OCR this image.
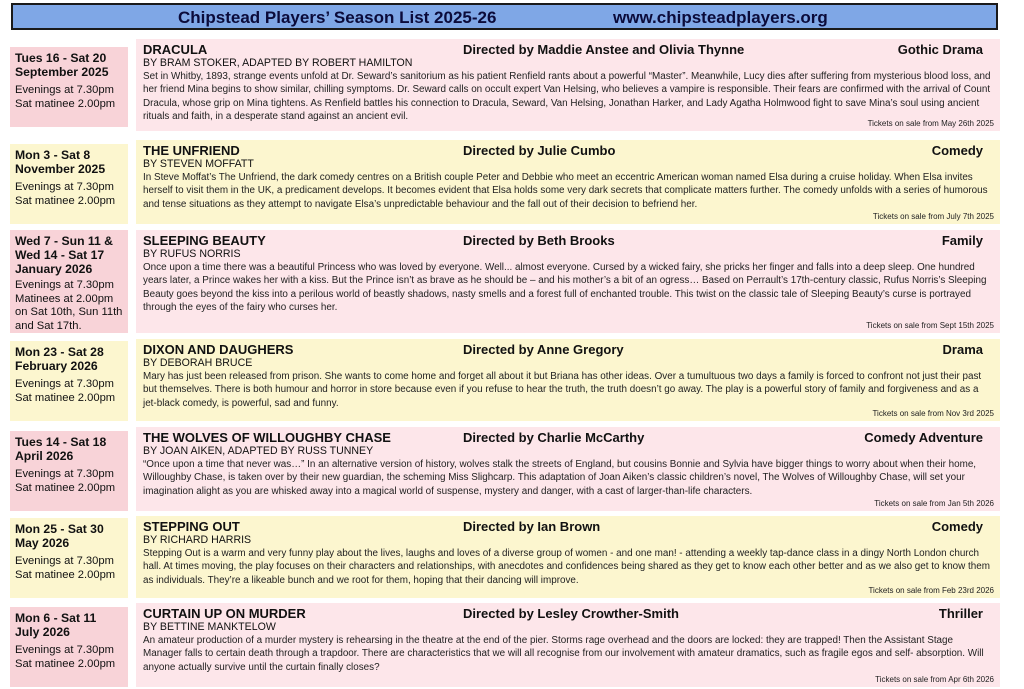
Chipstead Players’ Season List 2025-26	www.chipsteadplayers.org
Tues 16 - Sat 20 September 2025
Evenings at 7.30pm Sat matinee 2.00pm
DRACULA	Directed by Maddie Anstee and Olivia Thynne	Gothic Drama
BY BRAM STOKER, ADAPTED BY ROBERT HAMILTON
Set in Whitby, 1893, strange events unfold at Dr. Seward’s sanitorium as his patient Renfield rants about a powerful “Master”. Meanwhile, Lucy dies after suffering from mysterious blood loss, and her friend Mina begins to show similar, chilling symptoms. Dr. Seward calls on occult expert Van Helsing, who believes a vampire is responsible. Their fears are confirmed with the arrival of Count Dracula, whose grip on Mina tightens. As Renfield battles his connection to Dracula, Seward, Van Helsing, Jonathan Harker, and Lady Agatha Holmwood fight to save Mina’s soul using ancient rituals and faith, in a desperate stand against an ancient evil.
Tickets on sale from May 26th 2025
Mon 3 - Sat 8 November 2025
Evenings at 7.30pm Sat matinee 2.00pm
THE UNFRIEND	Directed by Julie Cumbo	Comedy
BY STEVEN MOFFATT
In Steve Moffat’s The Unfriend, the dark comedy centres on a British couple Peter and Debbie who meet an eccentric American woman named Elsa during a cruise holiday. When Elsa invites herself to visit them in the UK, a predicament develops. It becomes evident that Elsa holds some very dark secrets that complicate matters further. The comedy unfolds with a series of humorous and tense situations as they attempt to navigate Elsa’s unpredictable behaviour and the fall out of their decision to befriend her.
Tickets on sale from July 7th 2025
Wed 7 - Sun 11 & Wed 14 - Sat 17 January 2026
Evenings at 7.30pm Matinees at 2.00pm on Sat 10th, Sun 11th and Sat 17th.
SLEEPING BEAUTY	Directed by Beth Brooks	Family
BY RUFUS NORRIS
Once upon a time there was a beautiful Princess who was loved by everyone. Well... almost everyone. Cursed by a wicked fairy, she pricks her finger and falls into a deep sleep. One hundred years later, a Prince wakes her with a kiss. But the Prince isn’t as brave as he should be – and his mother’s a bit of an ogress… Based on Perrault’s 17th-century classic, Rufus Norris’s Sleeping Beauty goes beyond the kiss into a perilous world of beastly shadows, nasty smells and a forest full of enchanted trouble. This twist on the classic tale of Sleeping Beauty’s curse is portrayed through the eyes of the fairy who curses her.
Tickets on sale from Sept 15th 2025
Mon 23 - Sat 28 February 2026
Evenings at 7.30pm Sat matinee 2.00pm
DIXON AND DAUGHERS	Directed by Anne Gregory	Drama
BY DEBORAH BRUCE
Mary has just been released from prison. She wants to come home and forget all about it but Briana has other ideas. Over a tumultuous two days a family is forced to confront not just their past but themselves. There is both humour and horror in store because even if you refuse to hear the truth, the truth doesn’t go away. The play is a powerful story of family and forgiveness and as a jet-black comedy, is powerful, sad and funny.
Tickets on sale from Nov 3rd 2025
Tues 14 - Sat 18 April 2026
Evenings at 7.30pm Sat matinee 2.00pm
THE WOLVES OF WILLOUGHBY CHASE	Directed by Charlie McCarthy	Comedy Adventure
BY JOAN AIKEN, ADAPTED BY RUSS TUNNEY
“Once upon a time that never was…” In an alternative version of history, wolves stalk the streets of England, but cousins Bonnie and Sylvia have bigger things to worry about when their home, Willoughby Chase, is taken over by their new guardian, the scheming Miss Slighcarp. This adaptation of Joan Aiken’s classic children’s novel, The Wolves of Willoughby Chase, will set your imagination alight as you are whisked away into a magical world of suspense, mystery and danger, with a cast of larger-than-life characters.
Tickets on sale from Jan 5th 2026
Mon 25 - Sat 30 May 2026
Evenings at 7.30pm Sat matinee 2.00pm
STEPPING OUT	Directed by Ian Brown	Comedy
BY RICHARD HARRIS
Stepping Out is a warm and very funny play about the lives, laughs and loves of a diverse group of women - and one man! - attending a weekly tap-dance class in a dingy North London church hall. At times moving, the play focuses on their characters and relationships, with anecdotes and confidences being shared as they get to know each other better and as we also get to know them as individuals. They’re a likeable bunch and we root for them, hoping that their dancing will improve.
Tickets on sale from Feb 23rd 2026
Mon 6 - Sat 11 July 2026
Evenings at 7.30pm Sat matinee 2.00pm
CURTAIN UP ON MURDER	Directed by Lesley Crowther-Smith	Thriller
BY BETTINE MANKTELOW
An amateur production of a murder mystery is rehearsing in the theatre at the end of the pier. Storms rage overhead and the doors are locked: they are trapped! Then the Assistant Stage Manager falls to certain death through a trapdoor. There are characteristics that we will all recognise from our involvement with amateur dramatics, such as fragile egos and self- absorption. Will anyone actually survive until the curtain finally closes?
Tickets on sale from Apr 6th 2026
